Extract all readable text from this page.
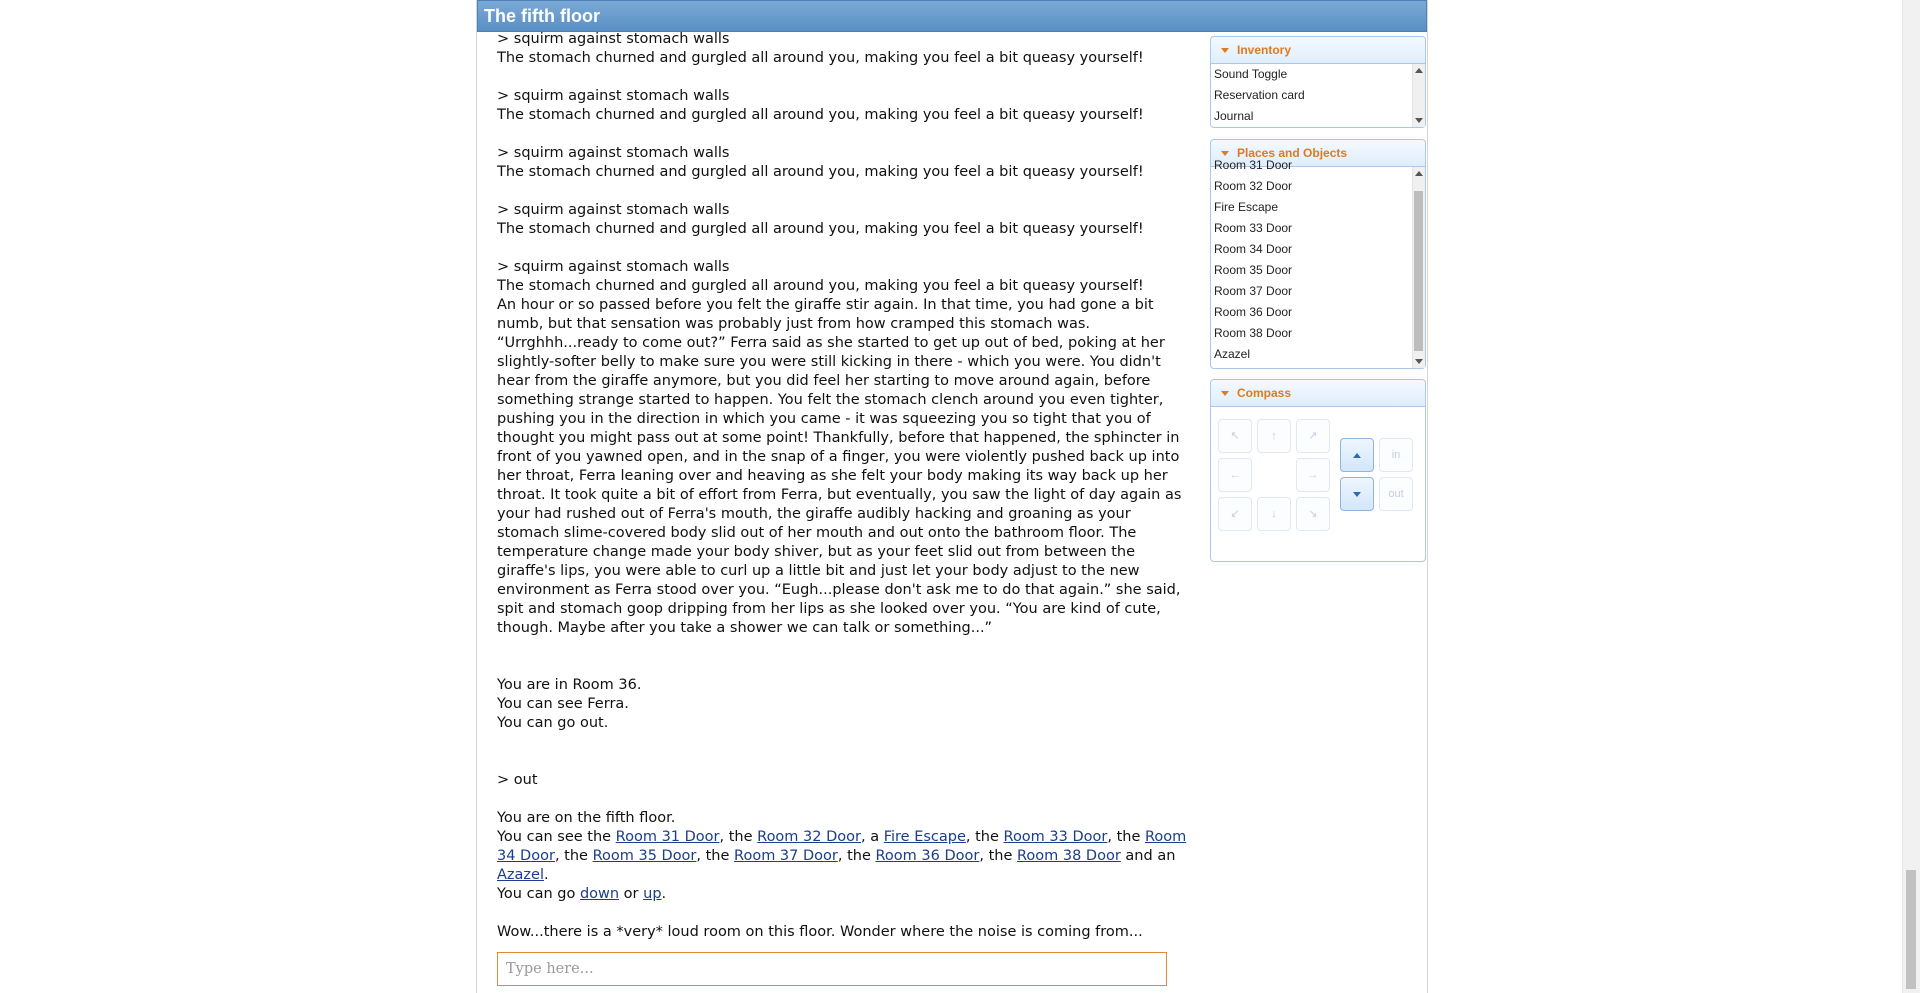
The fifth floor
> squirm against stomach walls
The stomach churned and gurgled all around you, making you feel a bit queasy yourself!
> squirm against stomach walls
The stomach churned and gurgled all around you, making you feel a bit queasy yourself!
> squirm against stomach walls
The stomach churned and gurgled all around you, making you feel a bit queasy yourself!
> squirm against stomach walls
The stomach churned and gurgled all around you, making you feel a bit queasy yourself!
> squirm against stomach walls
The stomach churned and gurgled all around you, making you feel a bit queasy yourself!
An hour or so passed before you felt the giraffe stir again. In that time, you had gone a bit numb, but that sensation was probably just from how cramped this stomach was.
“Urrghhh...ready to come out?” Ferra said as she started to get up out of bed, poking at her slightly-softer belly to make sure you were still kicking in there - which you were. You didn't hear from the giraffe anymore, but you did feel her starting to move around again, before something strange started to happen. You felt the stomach clench around you even tighter, pushing you in the direction in which you came - it was squeezing you so tight that you of thought you might pass out at some point! Thankfully, before that happened, the sphincter in front of you yawned open, and in the snap of a finger, you were violently pushed back up into her throat, Ferra leaning over and heaving as she felt your body making its way back up her throat. It took quite a bit of effort from Ferra, but eventually, you saw the light of day again as your had rushed out of Ferra's mouth, the giraffe audibly hacking and groaning as your stomach slime-covered body slid out of her mouth and out onto the bathroom floor. The temperature change made your body shiver, but as your feet slid out from between the giraffe's lips, you were able to curl up a little bit and just let your body adjust to the new environment as Ferra stood over you. “Eugh...please don't ask me to do that again.” she said, spit and stomach goop dripping from her lips as she looked over you. “You are kind of cute, though. Maybe after you take a shower we can talk or something...”
You are in Room 36.
You can see Ferra.
You can go out.
> out
You are on the fifth floor.
You can see the Room 31 Door, the Room 32 Door, a Fire Escape, the Room 33 Door, the Room 34 Door, the Room 35 Door, the Room 37 Door, the Room 36 Door, the Room 38 Door and an Azazel.
You can go down or up.
Wow...there is a *very* loud room on this floor. Wonder where the noise is coming from...
Type here...
Inventory
Sound Toggle
Reservation card
Journal
Places and Objects
Room 31 Door
Room 32 Door
Fire Escape
Room 33 Door
Room 34 Door
Room 35 Door
Room 37 Door
Room 36 Door
Room 38 Door
Azazel
Compass
↖	↑	↗
←	→
↙	↓	↘
in
out
